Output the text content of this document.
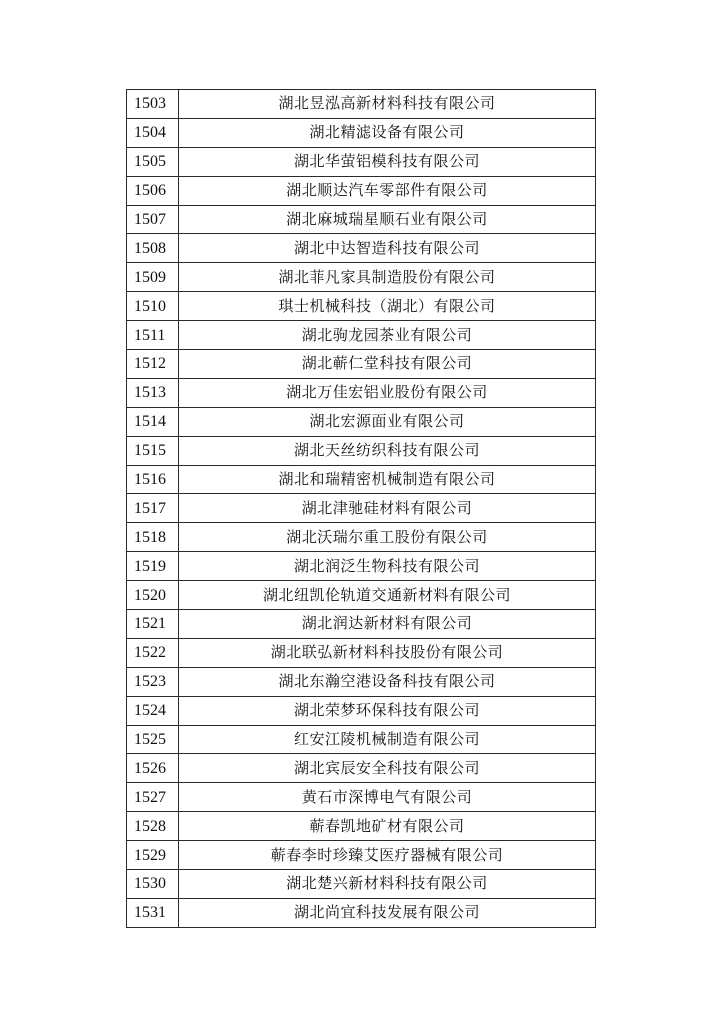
1503	湖北昱泓高新材料科技有限公司
1504	湖北精滤设备有限公司
1505	湖北华萤铝模科技有限公司
1506	湖北顺达汽车零部件有限公司
1507	湖北麻城瑞星顺石业有限公司
1508	湖北中达智造科技有限公司
1509	湖北菲凡家具制造股份有限公司
1510	琪士机械科技（湖北）有限公司
1511	湖北驹龙园茶业有限公司
1512	湖北蕲仁堂科技有限公司
1513	湖北万佳宏铝业股份有限公司
1514	湖北宏源面业有限公司
1515	湖北天丝纺织科技有限公司
1516	湖北和瑞精密机械制造有限公司
1517	湖北津驰硅材料有限公司
1518	湖北沃瑞尔重工股份有限公司
1519	湖北润泛生物科技有限公司
1520	湖北纽凯伦轨道交通新材料有限公司
1521	湖北润达新材料有限公司
1522	湖北联弘新材料科技股份有限公司
1523	湖北东瀚空港设备科技有限公司
1524	湖北荣梦环保科技有限公司
1525	红安江陵机械制造有限公司
1526	湖北宾辰安全科技有限公司
1527	黄石市深博电气有限公司
1528	蕲春凯地矿材有限公司
1529	蕲春李时珍臻艾医疗器械有限公司
1530	湖北楚兴新材料科技有限公司
1531	湖北尚宜科技发展有限公司
